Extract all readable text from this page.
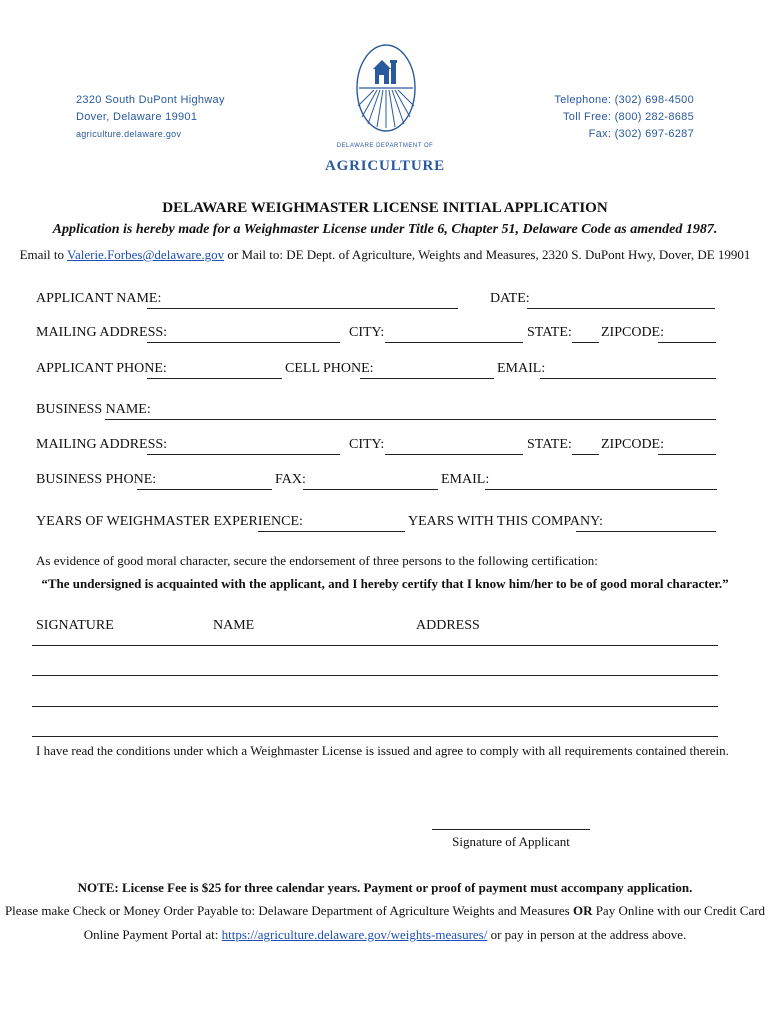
2320 South DuPont Highway
Dover, Delaware 19901
agriculture.delaware.gov
Telephone: (302) 698-4500
Toll Free: (800) 282-8685
Fax: (302) 697-6287
DELAWARE DEPARTMENT OF
AGRICULTURE
DELAWARE WEIGHMASTER LICENSE INITIAL APPLICATION
Application is hereby made for a Weighmaster License under Title 6, Chapter 51, Delaware Code as amended 1987.
Email to Valerie.Forbes@delaware.gov or Mail to: DE Dept. of Agriculture, Weights and Measures, 2320 S. DuPont Hwy, Dover, DE 19901
APPLICANT NAME:	DATE:
MAILING ADDRESS:	CITY:	STATE: ZIPCODE:
APPLICANT PHONE:	CELL PHONE:	EMAIL:
BUSINESS NAME:
MAILING ADDRESS:	CITY:	STATE: ZIPCODE:
BUSINESS PHONE:	FAX:	EMAIL:
YEARS OF WEIGHMASTER EXPERIENCE:	YEARS WITH THIS COMPANY:
As evidence of good moral character, secure the endorsement of three persons to the following certification:
“The undersigned is acquainted with the applicant, and I hereby certify that I know him/her to be of good moral character.”
SIGNATURE	NAME	ADDRESS
I have read the conditions under which a Weighmaster License is issued and agree to comply with all requirements contained therein.
Signature of Applicant
NOTE: License Fee is $25 for three calendar years. Payment or proof of payment must accompany application.
Please make Check or Money Order Payable to: Delaware Department of Agriculture Weights and Measures OR Pay Online with our Credit Card
Online Payment Portal at: https://agriculture.delaware.gov/weights-measures/ or pay in person at the address above.
